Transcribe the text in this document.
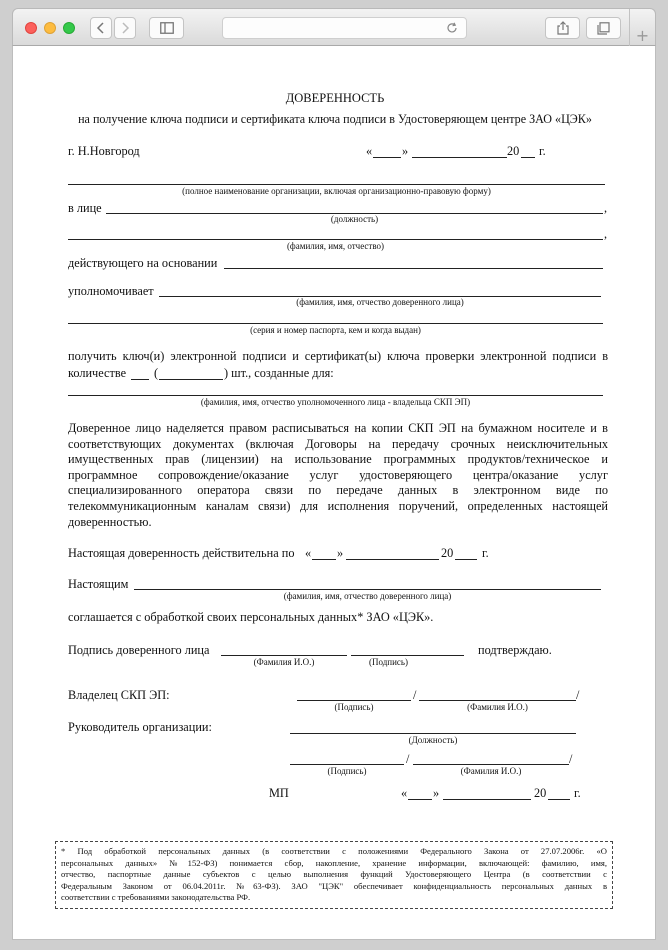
+
ДОВЕРЕННОСТЬ
на получение ключа подписи и сертификата ключа подписи в Удостоверяющем центре ЗАО «ЦЭК»
г. Н.Новгород	« »	20 г.
(полное наименование организации, включая организационно-правовую форму)
в лице	,
(должность)
,
(фамилия, имя, отчество)
действующего на основании
уполномочивает
(фамилия, имя, отчество доверенного лица)
(серия и номер паспорта, кем и когда выдан)
получить ключ(и) электронной подписи и сертификат(ы) ключа проверки электронной подписи в
количестве (	) шт., созданные для:
(фамилия, имя, отчество уполномоченного лица - владельца СКП ЭП)
Доверенное лицо наделяется правом расписываться на копии СКП ЭП на бумажном носителе и в
соответствующих документах (включая Договоры на передачу срочных неисключительных
имущественных прав (лицензии) на использование программных продуктов/техническое и
программное сопровождение/оказание услуг удостоверяющего центра/оказание услуг
специализированного оператора связи по передаче данных в электронном виде по
телекоммуникационным каналам связи) для исполнения поручений, определенных настоящей
доверенностью.
Настоящая доверенность действительна по « »	20 г.
Настоящим
(фамилия, имя, отчество доверенного лица)
соглашается с обработкой своих персональных данных* ЗАО «ЦЭК».
Подпись доверенного лица	подтверждаю.
(Фамилия И.О.)	(Подпись)
Владелец СКП ЭП:	/	/
(Подпись)	(Фамилия И.О.)
Руководитель организации:
(Должность)
/	/
(Подпись)	(Фамилия И.О.)
МП	« »	20 г.
* Под обработкой персональных данных (в соответствии с положениями Федерального Закона от 27.07.2006г. «О
персональных данных» №152-ФЗ) понимается сбор, накопление, хранение информации, включающей: фамилию, имя,
отчество, паспортные данные субъектов с целью выполнения функций Удостоверяющего Центра (в соответствии с
Федеральным Законом от 06.04.2011г. №63-ФЗ). ЗАО "ЦЭК" обеспечивает конфиденциальность персональных данных в
соответствии с требованиями законодательства РФ.
